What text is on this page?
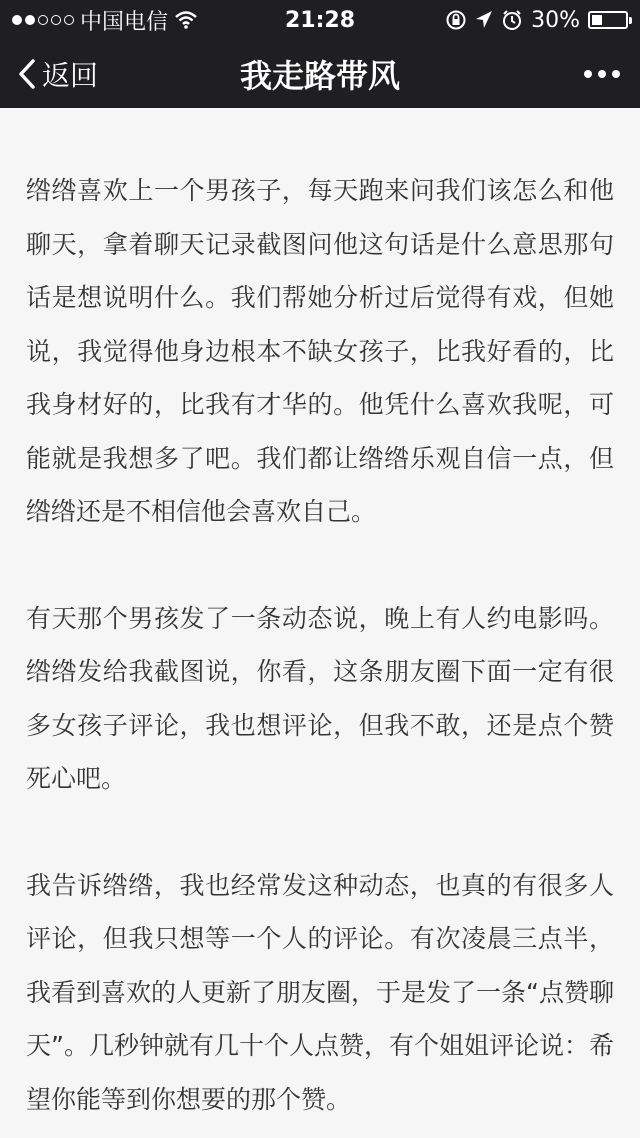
中国电信	21:28	30%
返回	我走路带风

绺绺喜欢上一个男孩子，每天跑来问我们该怎么和他聊天，拿着聊天记录截图问他这句话是什么意思那句话是想说明什么。我们帮她分析过后觉得有戏，但她说，我觉得他身边根本不缺女孩子，比我好看的，比我身材好的，比我有才华的。他凭什么喜欢我呢，可能就是我想多了吧。我们都让绺绺乐观自信一点，但绺绺还是不相信他会喜欢自己。

有天那个男孩发了一条动态说，晚上有人约电影吗。绺绺发给我截图说，你看，这条朋友圈下面一定有很多女孩子评论，我也想评论，但我不敢，还是点个赞死心吧。

我告诉绺绺，我也经常发这种动态，也真的有很多人评论，但我只想等一个人的评论。有次凌晨三点半，我看到喜欢的人更新了朋友圈，于是发了一条“点赞聊天”。几秒钟就有几十个人点赞，有个姐姐评论说：希望你能等到你想要的那个赞。
